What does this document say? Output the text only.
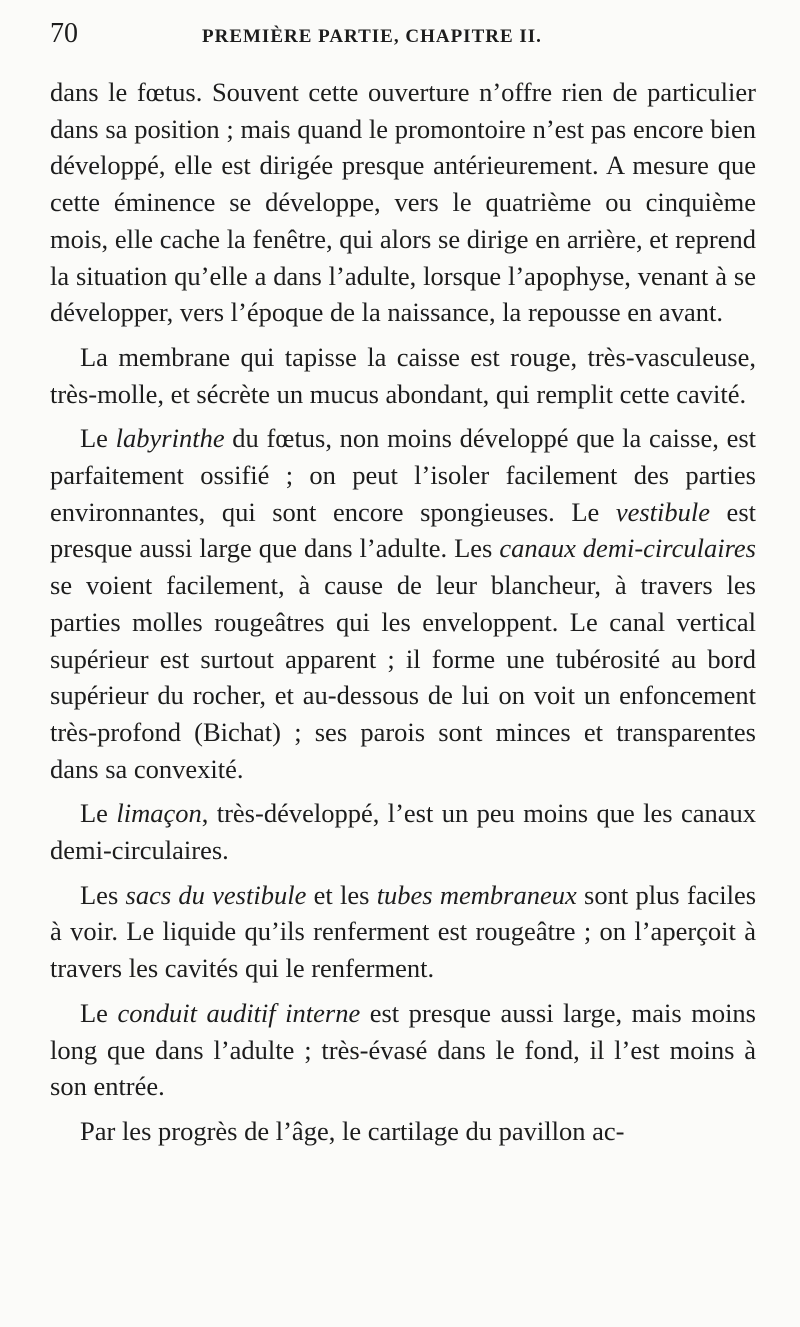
70	PREMIÈRE PARTIE, CHAPITRE II.

dans le fœtus. Souvent cette ouverture n’offre rien de particulier dans sa position ; mais quand le promontoire n’est pas encore bien développé, elle est dirigée presque antérieurement. A mesure que cette éminence se développe, vers le quatrième ou cinquième mois, elle cache la fenêtre, qui alors se dirige en arrière, et reprend la situation qu’elle a dans l’adulte, lorsque l’apophyse, venant à se développer, vers l’époque de la naissance, la repousse en avant.

La membrane qui tapisse la caisse est rouge, très-vasculeuse, très-molle, et sécrète un mucus abondant, qui remplit cette cavité.

Le labyrinthe du fœtus, non moins développé que la caisse, est parfaitement ossifié ; on peut l’isoler facilement des parties environnantes, qui sont encore spongieuses. Le vestibule est presque aussi large que dans l’adulte. Les canaux demi-circulaires se voient facilement, à cause de leur blancheur, à travers les parties molles rougeâtres qui les enveloppent. Le canal vertical supérieur est surtout apparent ; il forme une tubérosité au bord supérieur du rocher, et au-dessous de lui on voit un enfoncement très-profond (Bichat) ; ses parois sont minces et transparentes dans sa convexité.

Le limaçon, très-développé, l’est un peu moins que les canaux demi-circulaires.

Les sacs du vestibule et les tubes membraneux sont plus faciles à voir. Le liquide qu’ils renferment est rougeâtre ; on l’aperçoit à travers les cavités qui le renferment.

Le conduit auditif interne est presque aussi large, mais moins long que dans l’adulte ; très-évasé dans le fond, il l’est moins à son entrée.

Par les progrès de l’âge, le cartilage du pavillon ac-
